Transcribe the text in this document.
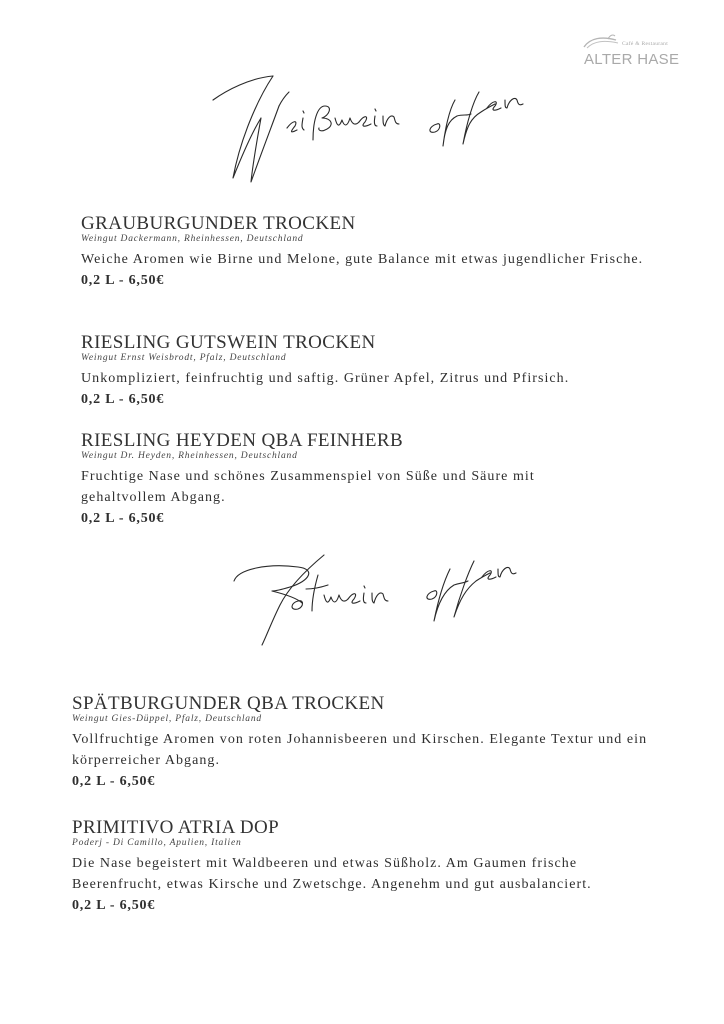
Café & Restaurant
ALTER HASE
GRAUBURGUNDER TROCKEN
Weingut Dackermann, Rheinhessen, Deutschland
Weiche Aromen wie Birne und Melone, gute Balance mit etwas jugendlicher Frische.
0,2 L - 6,50€
RIESLING GUTSWEIN TROCKEN
Weingut Ernst Weisbrodt, Pfalz, Deutschland
Unkompliziert, feinfruchtig und saftig. Grüner Apfel, Zitrus und Pfirsich.
0,2 L - 6,50€
RIESLING HEYDEN QBA FEINHERB
Weingut Dr. Heyden, Rheinhessen, Deutschland
Fruchtige Nase und schönes Zusammenspiel von Süße und Säure mit gehaltvollem Abgang.
0,2 L - 6,50€
SPÄTBURGUNDER QBA TROCKEN
Weingut Gies-Düppel, Pfalz, Deutschland
Vollfruchtige Aromen von roten Johannisbeeren und Kirschen. Elegante Textur und ein körperreicher Abgang.
0,2 L - 6,50€
PRIMITIVO ATRIA DOP
Poderj - Di Camillo, Apulien, Italien
Die Nase begeistert mit Waldbeeren und etwas Süßholz. Am Gaumen frische Beerenfrucht, etwas Kirsche und Zwetschge. Angenehm und gut ausbalanciert.
0,2 L - 6,50€
